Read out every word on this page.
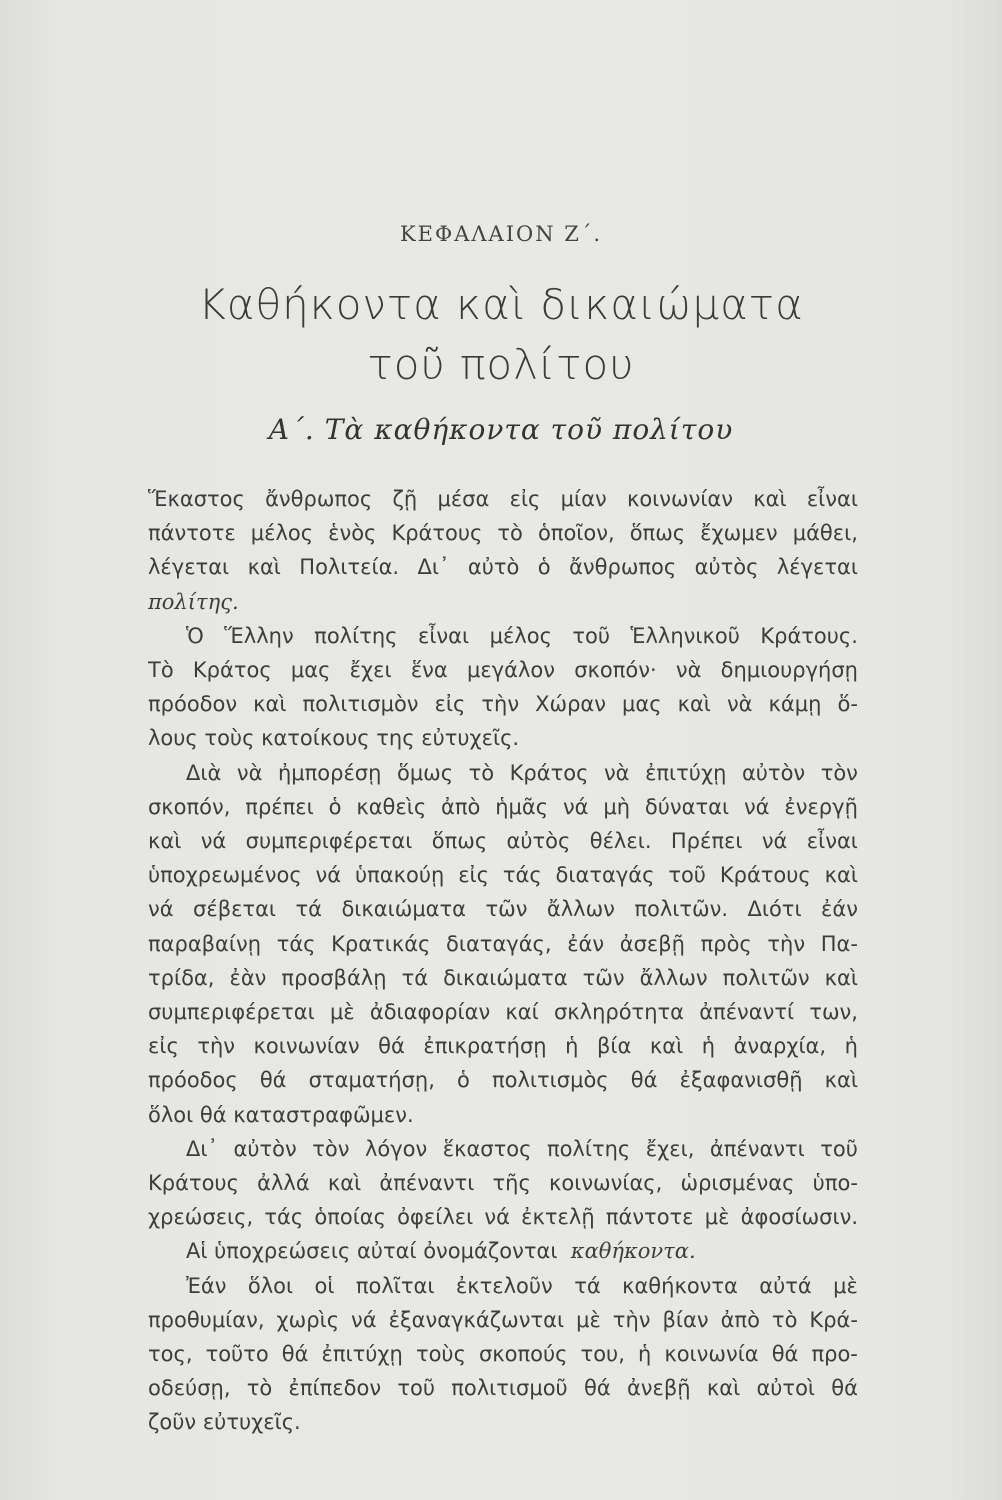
ΚΕΦΑΛΑΙΟΝ Ζ΄.
Καθήκοντα καὶ δικαιώματα
τοῦ πολίτου
Α΄. Τὰ καθήκοντα τοῦ πολίτου
Ἕκαστος ἄνθρωπος ζῇ μέσα εἰς μίαν κοινωνίαν καὶ εἶναι
πάντοτε μέλος ἑνὸς Κράτους τὸ ὁποῖον, ὅπως ἔχωμεν μάθει,
λέγεται καὶ Πολιτεία. Δι᾿ αὐτὸ ὁ ἄνθρωπος αὐτὸς λέγεται
πολίτης.
Ὁ Ἕλλην πολίτης εἶναι μέλος τοῦ Ἑλληνικοῦ Κράτους.
Τὸ Κράτος μας ἔχει ἕνα μεγάλον σκοπόν· νὰ δημιουργήσῃ
πρόοδον καὶ πολιτισμὸν εἰς τὴν Χώραν μας καὶ νὰ κάμῃ ὅ-
λους τοὺς κατοίκους της εὐτυχεῖς.
Διὰ νὰ ἠμπορέσῃ ὅμως τὸ Κράτος νὰ ἐπιτύχῃ αὐτὸν τὸν
σκοπόν, πρέπει ὁ καθεὶς ἀπὸ ἡμᾶς νά μὴ δύναται νά ἐνεργῇ
καὶ νά συμπεριφέρεται ὅπως αὐτὸς θέλει. Πρέπει νά εἶναι
ὑποχρεωμένος νά ὑπακούῃ εἰς τάς διαταγάς τοῦ Κράτους καὶ
νά σέβεται τά δικαιώματα τῶν ἄλλων πολιτῶν. Διότι ἐάν
παραβαίνῃ τάς Κρατικάς διαταγάς, ἐάν ἀσεβῇ πρὸς τὴν Πα-
τρίδα, ἐὰν προσβάλῃ τά δικαιώματα τῶν ἄλλων πολιτῶν καὶ
συμπεριφέρεται μὲ ἀδιαφορίαν καί σκληρότητα ἀπέναντί των,
εἰς τὴν κοινωνίαν θά ἐπικρατήσῃ ἡ βία καὶ ἡ ἀναρχία, ἡ
πρόοδος θά σταματήσῃ, ὁ πολιτισμὸς θά ἐξαφανισθῇ καὶ
ὅλοι θά καταστραφῶμεν.
Δι᾿ αὐτὸν τὸν λόγον ἕκαστος πολίτης ἔχει, ἀπέναντι τοῦ
Κράτους ἀλλά καὶ ἀπέναντι τῆς κοινωνίας, ὡρισμένας ὑπο-
χρεώσεις, τάς ὁποίας ὀφείλει νά ἐκτελῇ πάντοτε μὲ ἀφοσίωσιν.
Αἱ ὑποχρεώσεις αὐταί ὀνομάζονται
καθήκοντα.
Ἐάν ὅλοι οἱ πολῖται ἐκτελοῦν τά καθήκοντα αὐτά μὲ
προθυμίαν, χωρὶς νά ἐξαναγκάζωνται μὲ τὴν βίαν ἀπὸ τὸ Κρά-
τος, τοῦτο θά ἐπιτύχῃ τοὺς σκοπούς του, ἡ κοινωνία θά προ-
οδεύσῃ, τὸ ἐπίπεδον τοῦ πολιτισμοῦ θά ἀνεβῇ καὶ αὐτοὶ θά
ζοῦν εὐτυχεῖς.
